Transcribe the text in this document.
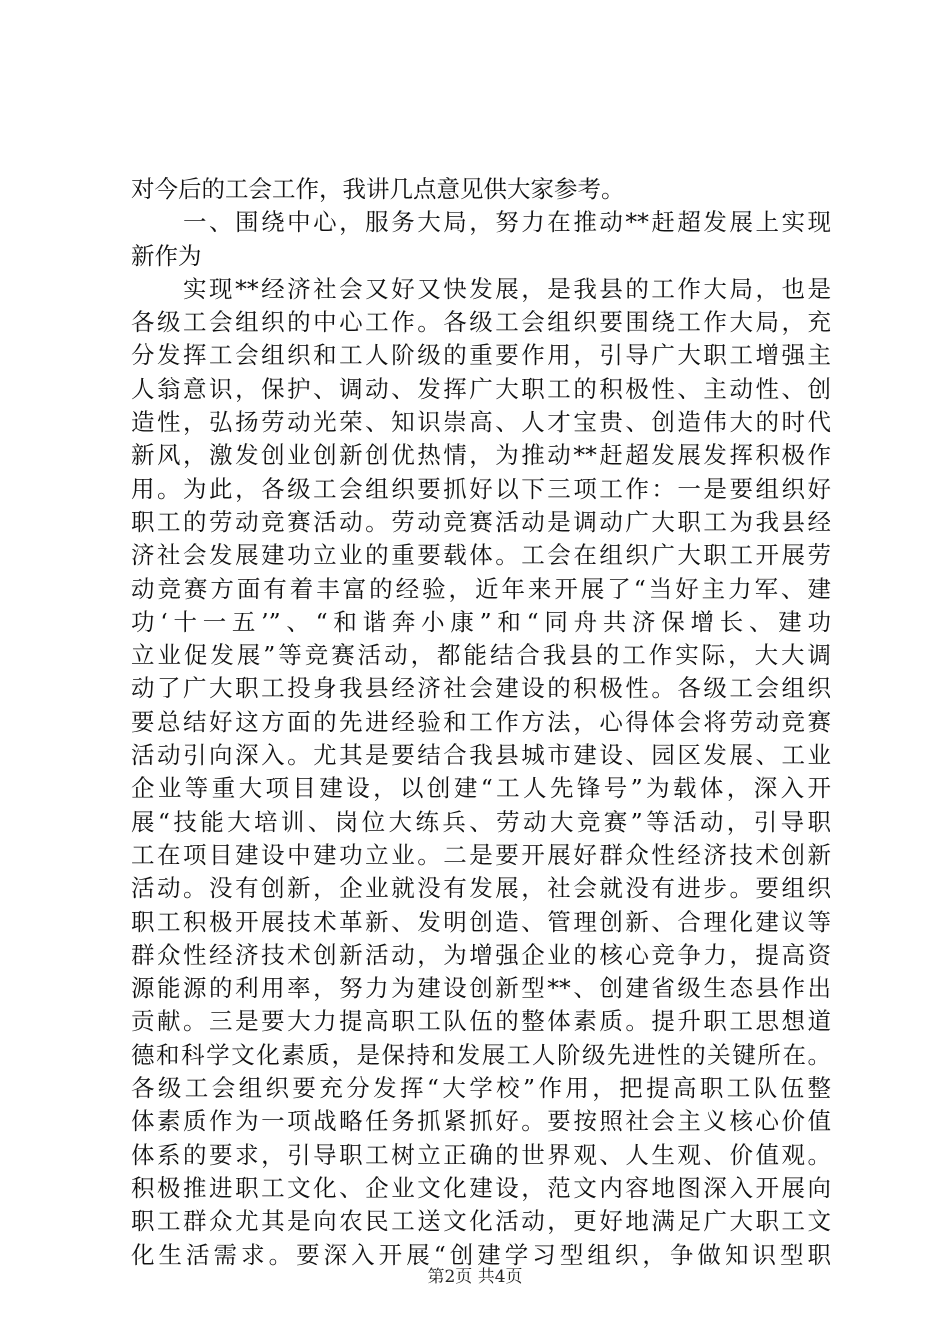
对今后的工会工作，我讲几点意见供大家参考。
　　一、围绕中心，服务大局，努力在推动**赶超发展上实现
新作为
　　实现**经济社会又好又快发展，是我县的工作大局，也是
各级工会组织的中心工作。各级工会组织要围绕工作大局，充
分发挥工会组织和工人阶级的重要作用，引导广大职工增强主
人翁意识，保护、调动、发挥广大职工的积极性、主动性、创
造性，弘扬劳动光荣、知识崇高、人才宝贵、创造伟大的时代
新风，激发创业创新创优热情，为推动**赶超发展发挥积极作
用。为此，各级工会组织要抓好以下三项工作：一是要组织好
职工的劳动竞赛活动。劳动竞赛活动是调动广大职工为我县经
济社会发展建功立业的重要载体。工会在组织广大职工开展劳
动竞赛方面有着丰富的经验，近年来开展了“当好主力军、建
功‘十一五’”、“和谐奔小康”和“同舟共济保增长、建功
立业促发展”等竞赛活动，都能结合我县的工作实际，大大调
动了广大职工投身我县经济社会建设的积极性。各级工会组织
要总结好这方面的先进经验和工作方法，心得体会将劳动竞赛
活动引向深入。尤其是要结合我县城市建设、园区发展、工业
企业等重大项目建设，以创建“工人先锋号”为载体，深入开
展“技能大培训、岗位大练兵、劳动大竞赛”等活动，引导职
工在项目建设中建功立业。二是要开展好群众性经济技术创新
活动。没有创新，企业就没有发展，社会就没有进步。要组织
职工积极开展技术革新、发明创造、管理创新、合理化建议等
群众性经济技术创新活动，为增强企业的核心竞争力，提高资
源能源的利用率，努力为建设创新型**、创建省级生态县作出
贡献。三是要大力提高职工队伍的整体素质。提升职工思想道
德和科学文化素质，是保持和发展工人阶级先进性的关键所在。
各级工会组织要充分发挥“大学校”作用，把提高职工队伍整
体素质作为一项战略任务抓紧抓好。要按照社会主义核心价值
体系的要求，引导职工树立正确的世界观、人生观、价值观。
积极推进职工文化、企业文化建设，范文内容地图深入开展向
职工群众尤其是向农民工送文化活动，更好地满足广大职工文
化生活需求。要深入开展“创建学习型组织，争做知识型职
第2页 共4页
